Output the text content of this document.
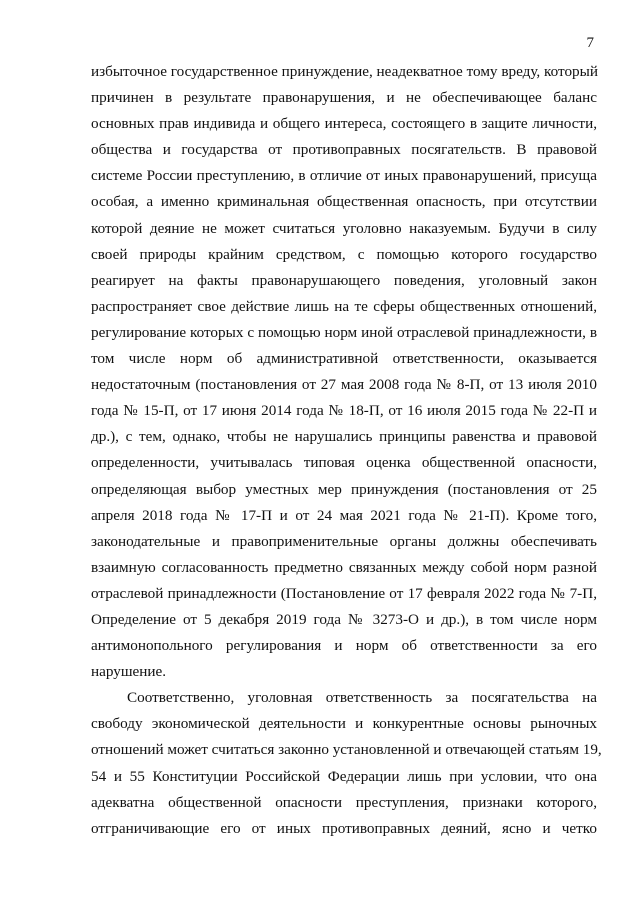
7
избыточное государственное принуждение, неадекватное тому вреду, который
причинен в результате правонарушения, и не обеспечивающее баланс
основных прав индивида и общего интереса, состоящего в защите личности,
общества и государства от противоправных посягательств. В правовой
системе России преступлению, в отличие от иных правонарушений, присуща
особая, а именно криминальная общественная опасность, при отсутствии
которой деяние не может считаться уголовно наказуемым. Будучи в силу
своей природы крайним средством, с помощью которого государство
реагирует на факты правонарушающего поведения, уголовный закон
распространяет свое действие лишь на те сферы общественных отношений,
регулирование которых с помощью норм иной отраслевой принадлежности, в
том числе норм об административной ответственности, оказывается
недостаточным (постановления от 27 мая 2008 года № 8-П, от 13 июля 2010
года № 15-П, от 17 июня 2014 года № 18-П, от 16 июля 2015 года № 22-П и
др.), с тем, однако, чтобы не нарушались принципы равенства и правовой
определенности, учитывалась типовая оценка общественной опасности,
определяющая выбор уместных мер принуждения (постановления от 25
апреля 2018 года № 17-П и от 24 мая 2021 года № 21-П). Кроме того,
законодательные и правоприменительные органы должны обеспечивать
взаимную согласованность предметно связанных между собой норм разной
отраслевой принадлежности (Постановление от 17 февраля 2022 года № 7-П,
Определение от 5 декабря 2019 года № 3273-О и др.), в том числе норм
антимонопольного регулирования и норм об ответственности за его
нарушение.
Соответственно, уголовная ответственность за посягательства на
свободу экономической деятельности и конкурентные основы рыночных
отношений может считаться законно установленной и отвечающей статьям 19,
54 и 55 Конституции Российской Федерации лишь при условии, что она
адекватна общественной опасности преступления, признаки которого,
отграничивающие его от иных противоправных деяний, ясно и четко
